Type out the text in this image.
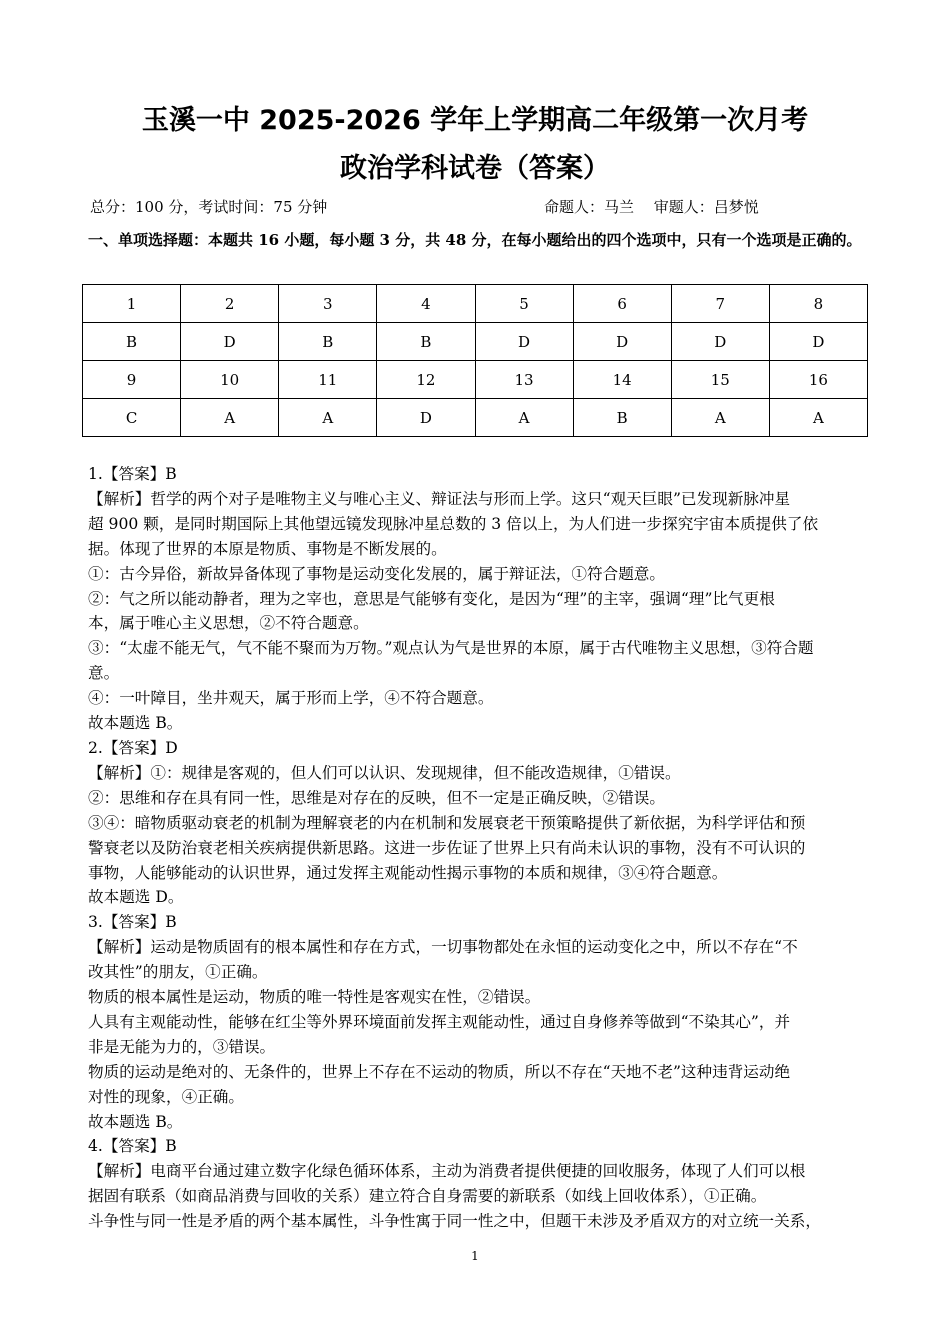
玉溪一中 2025-2026 学年上学期高二年级第一次月考
政治学科试卷（答案）
总分：100 分，考试时间：75 分钟	命题人：马兰　 审题人：吕梦悦
一、单项选择题：本题共 16 小题，每小题 3 分，共 48 分，在每小题给出的四个选项中，只有一个选项是正确的。
1	2	3	4	5	6	7	8
B	D	B	B	D	D	D	D
9	10	11	12	13	14	15	16
C	A	A	D	A	B	A	A
1.【答案】B
【解析】哲学的两个对子是唯物主义与唯心主义、辩证法与形而上学。这只“观天巨眼”已发现新脉冲星
超 900 颗，是同时期国际上其他望远镜发现脉冲星总数的 3 倍以上，为人们进一步探究宇宙本质提供了依
据。体现了世界的本原是物质、事物是不断发展的。
①：古今异俗，新故异备体现了事物是运动变化发展的，属于辩证法，①符合题意。
②：气之所以能动静者，理为之宰也，意思是气能够有变化，是因为“理”的主宰，强调“理”比气更根
本，属于唯心主义思想，②不符合题意。
③：“太虚不能无气，气不能不聚而为万物。”观点认为气是世界的本原，属于古代唯物主义思想，③符合题
意。
④：一叶障目，坐井观天，属于形而上学，④不符合题意。
故本题选 B。
2.【答案】D
【解析】①：规律是客观的，但人们可以认识、发现规律，但不能改造规律，①错误。
②：思维和存在具有同一性，思维是对存在的反映，但不一定是正确反映，②错误。
③④：暗物质驱动衰老的机制为理解衰老的内在机制和发展衰老干预策略提供了新依据，为科学评估和预
警衰老以及防治衰老相关疾病提供新思路。这进一步佐证了世界上只有尚未认识的事物，没有不可认识的
事物，人能够能动的认识世界，通过发挥主观能动性揭示事物的本质和规律，③④符合题意。
故本题选 D。
3.【答案】B
【解析】运动是物质固有的根本属性和存在方式，一切事物都处在永恒的运动变化之中，所以不存在“不
改其性”的朋友，①正确。
物质的根本属性是运动，物质的唯一特性是客观实在性，②错误。
人具有主观能动性，能够在红尘等外界环境面前发挥主观能动性，通过自身修养等做到“不染其心”，并
非是无能为力的，③错误。
物质的运动是绝对的、无条件的，世界上不存在不运动的物质，所以不存在“天地不老”这种违背运动绝
对性的现象，④正确。
故本题选 B。
4.【答案】B
【解析】电商平台通过建立数字化绿色循环体系，主动为消费者提供便捷的回收服务，体现了人们可以根
据固有联系（如商品消费与回收的关系）建立符合自身需要的新联系（如线上回收体系），①正确。
斗争性与同一性是矛盾的两个基本属性，斗争性寓于同一性之中，但题干未涉及矛盾双方的对立统一关系，
1
